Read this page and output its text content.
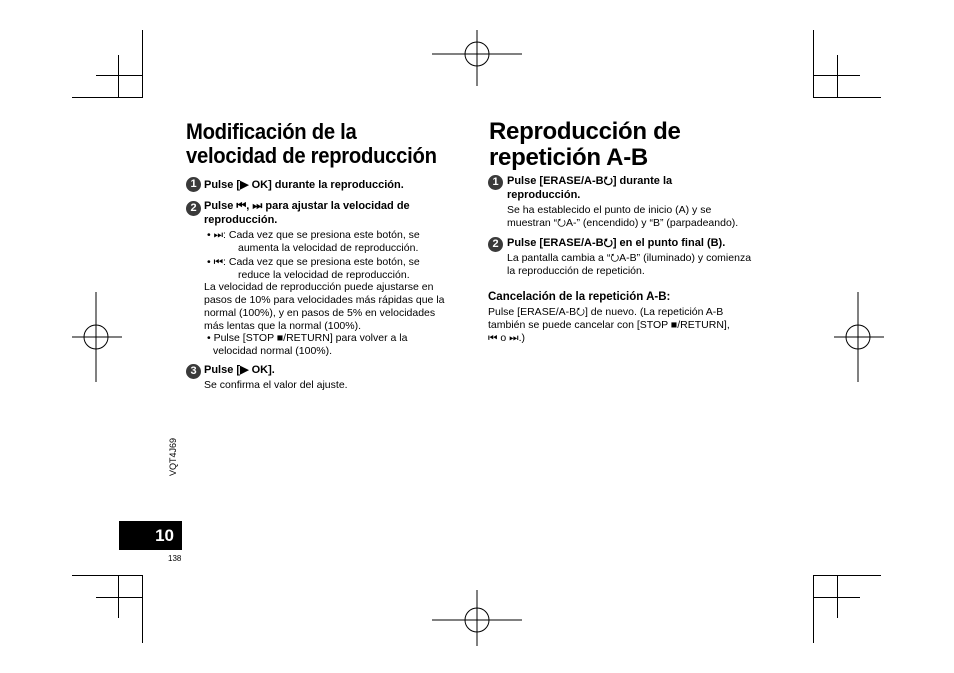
Modificación de la
velocidad de reproducción
1 Pulse [▶ OK] durante la reproducción.
2 Pulse ⏮, ⏭ para ajustar la velocidad de
reproducción.
• ⏭: Cada vez que se presiona este botón, se
aumenta la velocidad de reproducción.
• ⏮: Cada vez que se presiona este botón, se
reduce la velocidad de reproducción.
La velocidad de reproducción puede ajustarse en
pasos de 10% para velocidades más rápidas que la
normal (100%), y en pasos de 5% en velocidades
más lentas que la normal (100%).
• Pulse [STOP ■/RETURN] para volver a la
velocidad normal (100%).
3 Pulse [▶ OK].
Se confirma el valor del ajuste.
Reproducción de
repetición A-B
1 Pulse [ERASE/A-B⭮] durante la
reproducción.
Se ha establecido el punto de inicio (A) y se
muestran “⭮A-” (encendido) y “B” (parpadeando).
2 Pulse [ERASE/A-B⭮] en el punto final (B).
La pantalla cambia a “⭮A-B” (iluminado) y comienza
la reproducción de repetición.
Cancelación de la repetición A-B:
Pulse [ERASE/A-B⭮] de nuevo. (La repetición A-B
también se puede cancelar con [STOP ■/RETURN],
⏮ o ⏭.)
VQT4J69
10
138
